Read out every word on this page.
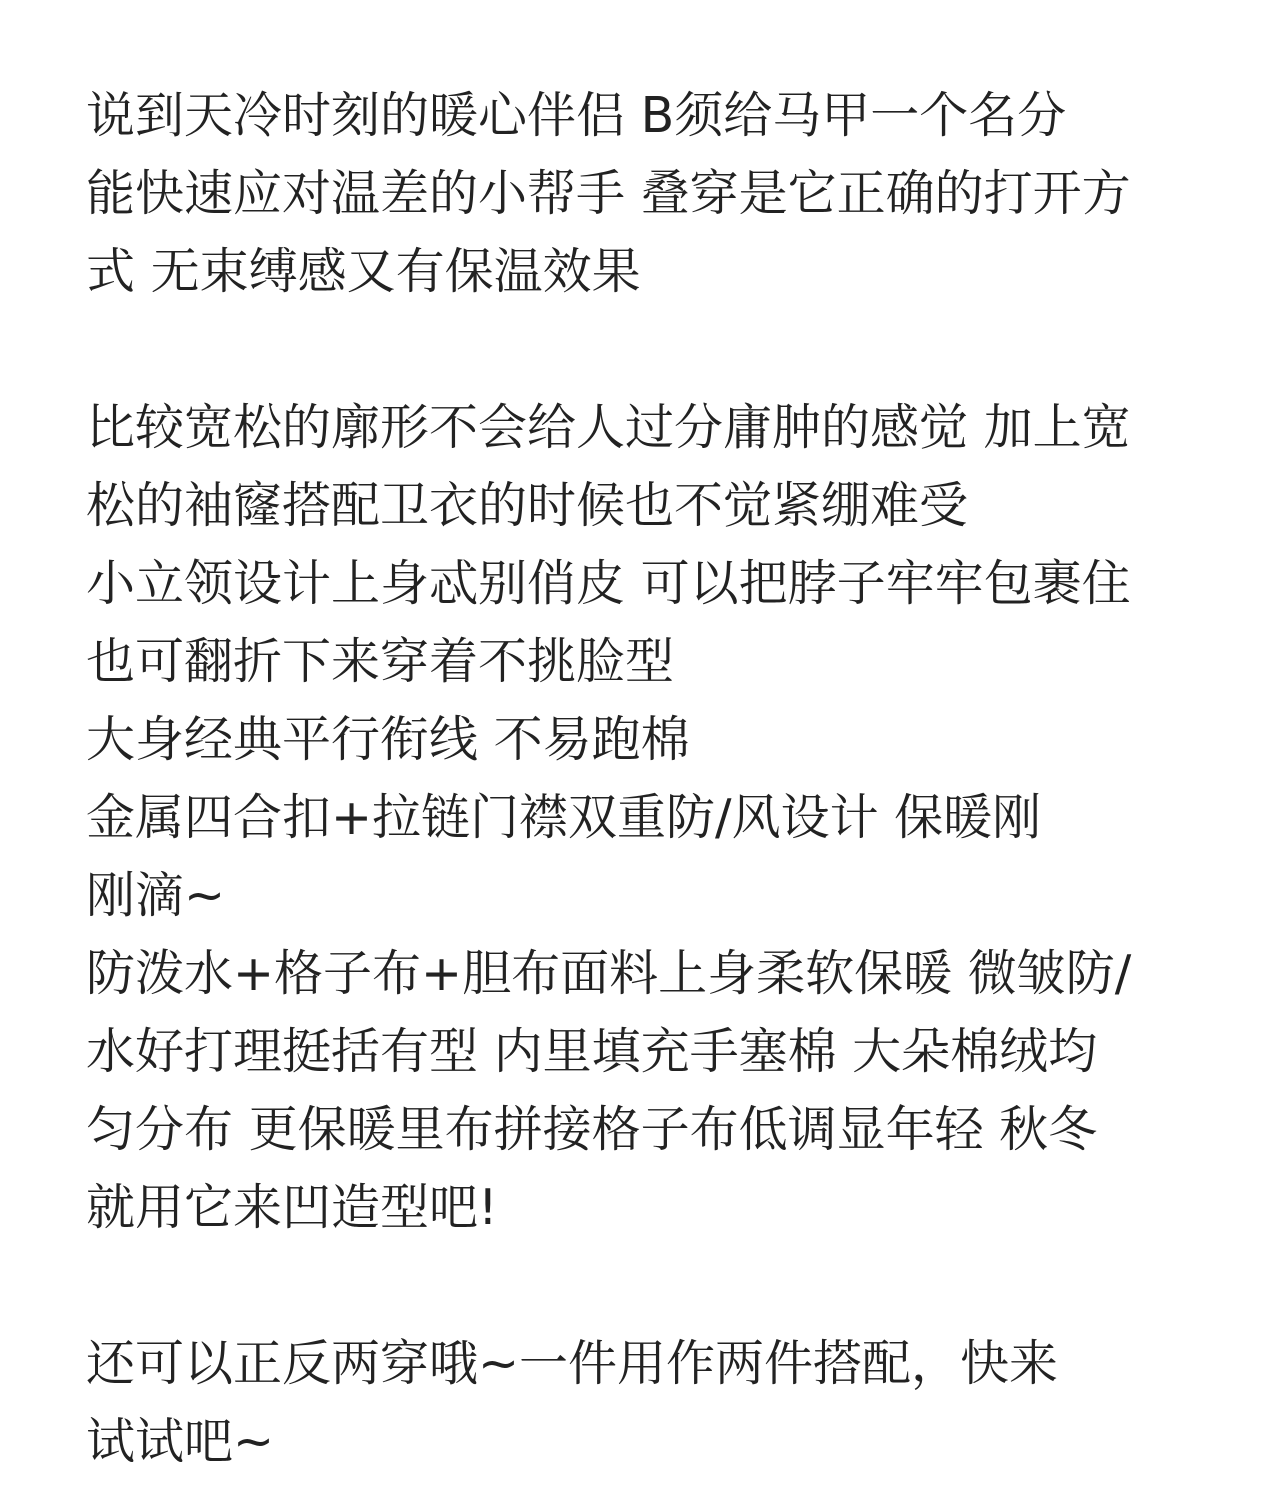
说到天冷时刻的暖心伴侣 B须给马甲一个名分
能快速应对温差的小帮手 叠穿是它正确的打开方
式 无束缚感又有保温效果
比较宽松的廓形不会给人过分庸肿的感觉 加上宽
松的袖窿搭配卫衣的时候也不觉紧绷难受
小立领设计上身忒别俏皮 可以把脖子牢牢包裹住
也可翻折下来穿着不挑脸型
大身经典平行衔线 不易跑棉
金属四合扣+拉链门襟双重防/风设计 保暖刚
刚滴~
防泼水+格子布+胆布面料上身柔软保暖 微皱防/
水好打理挺括有型 内里填充手塞棉 大朵棉绒均
匀分布 更保暖里布拼接格子布低调显年轻 秋冬
就用它来凹造型吧!
还可以正反两穿哦~一件用作两件搭配，快来
试试吧~
